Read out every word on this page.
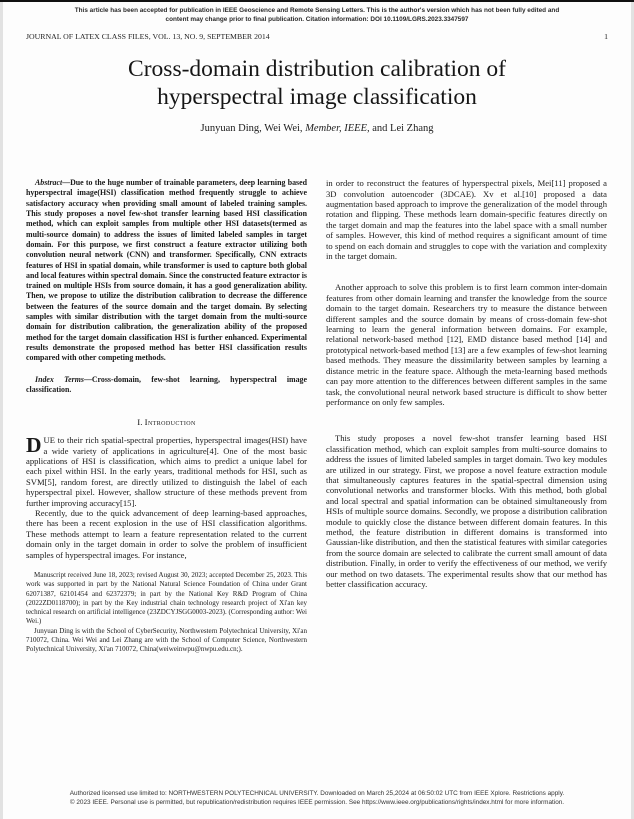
This article has been accepted for publication in IEEE Geoscience and Remote Sensing Letters. This is the author's version which has not been fully edited and
content may change prior to final publication. Citation information: DOI 10.1109/LGRS.2023.3347597
JOURNAL OF LATEX CLASS FILES, VOL. 13, NO. 9, SEPTEMBER 2014	1
Cross-domain distribution calibration of
hyperspectral image classification
Junyuan Ding, Wei Wei, Member, IEEE, and Lei Zhang
Abstract—Due to the huge number of trainable parameters, deep learning based hyperspectral image(HSI) classification method frequently struggle to achieve satisfactory accuracy when providing small amount of labeled training samples. This study proposes a novel few-shot transfer learning based HSI classification method, which can exploit samples from multiple other HSI datasets(termed as multi-source domain) to address the issues of limited labeled samples in target domain. For this purpose, we first construct a feature extractor utilizing both convolution neural network (CNN) and transformer. Specifically, CNN extracts features of HSI in spatial domain, while transformer is used to capture both global and local features within spectral domain. Since the constructed feature extractor is trained on multiple HSIs from source domain, it has a good generalization ability. Then, we propose to utilize the distribution calibration to decrease the difference between the features of the source domain and the target domain. By selecting samples with similar distribution with the target domain from the multi-source domain for distribution calibration, the generalization ability of the proposed method for the target domain classification HSI is further enhanced. Experimental results demonstrate the proposed method has better HSI classification results compared with other competing methods.
Index Terms—Cross-domain, few-shot learning, hyperspectral image classification.
I. Introduction

DUE to their rich spatial-spectral properties, hyperspectral images(HSI) have a wide variety of applications in agriculture[4]. One of the most basic applications of HSI is classification, which aims to predict a unique label for each pixel within HSI. In the early years, traditional methods for HSI, such as SVM[5], random forest, are directly utilized to distinguish the label of each hyperspectral pixel. However, shallow structure of these methods prevent from further improving accuracy[15].

Recently, due to the quick advancement of deep learning-based approaches, there has been a recent explosion in the use of HSI classification algorithms. These methods attempt to learn a feature representation related to the current domain only in the target domain in order to solve the problem of insufficient samples of hyperspectral images. For instance,

Manuscript received June 18, 2023; revised August 30, 2023; accepted December 25, 2023. This work was supported in part by the National Natural Science Foundation of China under Grant 62071387, 62101454 and 62372379; in part by the National Key R&D Program of China (2022ZD0118700); in part by the Key industrial chain technology research project of Xi'an key technical research on artificial intelligence (23ZDCYJSGG0003-2023). (Corresponding author: Wei Wei.)

Junyuan Ding is with the School of CyberSecurity, Northwestern Polytechnical University, Xi'an 710072, China. Wei Wei and Lei Zhang are with the School of Computer Science, Northwestern Polytechnical University, Xi'an 710072, China(weiweinwpu@nwpu.edu.cn;).

in order to reconstruct the features of hyperspectral pixels, Mei[11] proposed a 3D convolution autoencoder (3DCAE). Xv et al.[10] proposed a data augmentation based approach to improve the generalization of the model through rotation and flipping. These methods learn domain-specific features directly on the target domain and map the features into the label space with a small number of samples. However, this kind of method requires a significant amount of time to spend on each domain and struggles to cope with the variation and complexity in the target domain.

Another approach to solve this problem is to first learn common inter-domain features from other domain learning and transfer the knowledge from the source domain to the target domain. Researchers try to measure the distance between different samples and the source domain by means of cross-domain few-shot learning to learn the general information between domains. For example, relational network-based method [12], EMD distance based method [14] and prototypical network-based method [13] are a few examples of few-shot learning based methods. They measure the dissimilarity between samples by learning a distance metric in the feature space. Although the meta-learning based methods can pay more attention to the differences between different samples in the same task, the convolutional neural network based structure is difficult to show better performance on only few samples.

This study proposes a novel few-shot transfer learning based HSI classification method, which can exploit samples from multi-source domains to address the issues of limited labeled samples in target domain. Two key modules are utilized in our strategy. First, we propose a novel feature extraction module that simultaneously captures features in the spatial-spectral dimension using convolutional networks and transformer blocks. With this method, both global and local spectral and spatial information can be obtained simultaneously from HSIs of multiple source domains. Secondly, we propose a distribution calibration module to quickly close the distance between different domain features. In this method, the feature distribution in different domains is transformed into Gaussian-like distribution, and then the statistical features with similar categories from the source domain are selected to calibrate the current small amount of data distribution. Finally, in order to verify the effectiveness of our method, we verify our method on two datasets. The experimental results show that our method has better classification accuracy.

Authorized licensed use limited to: NORTHWESTERN POLYTECHNICAL UNIVERSITY. Downloaded on March 25,2024 at 06:50:02 UTC from IEEE Xplore. Restrictions apply.
© 2023 IEEE. Personal use is permitted, but republication/redistribution requires IEEE permission. See https://www.ieee.org/publications/rights/index.html for more information.
